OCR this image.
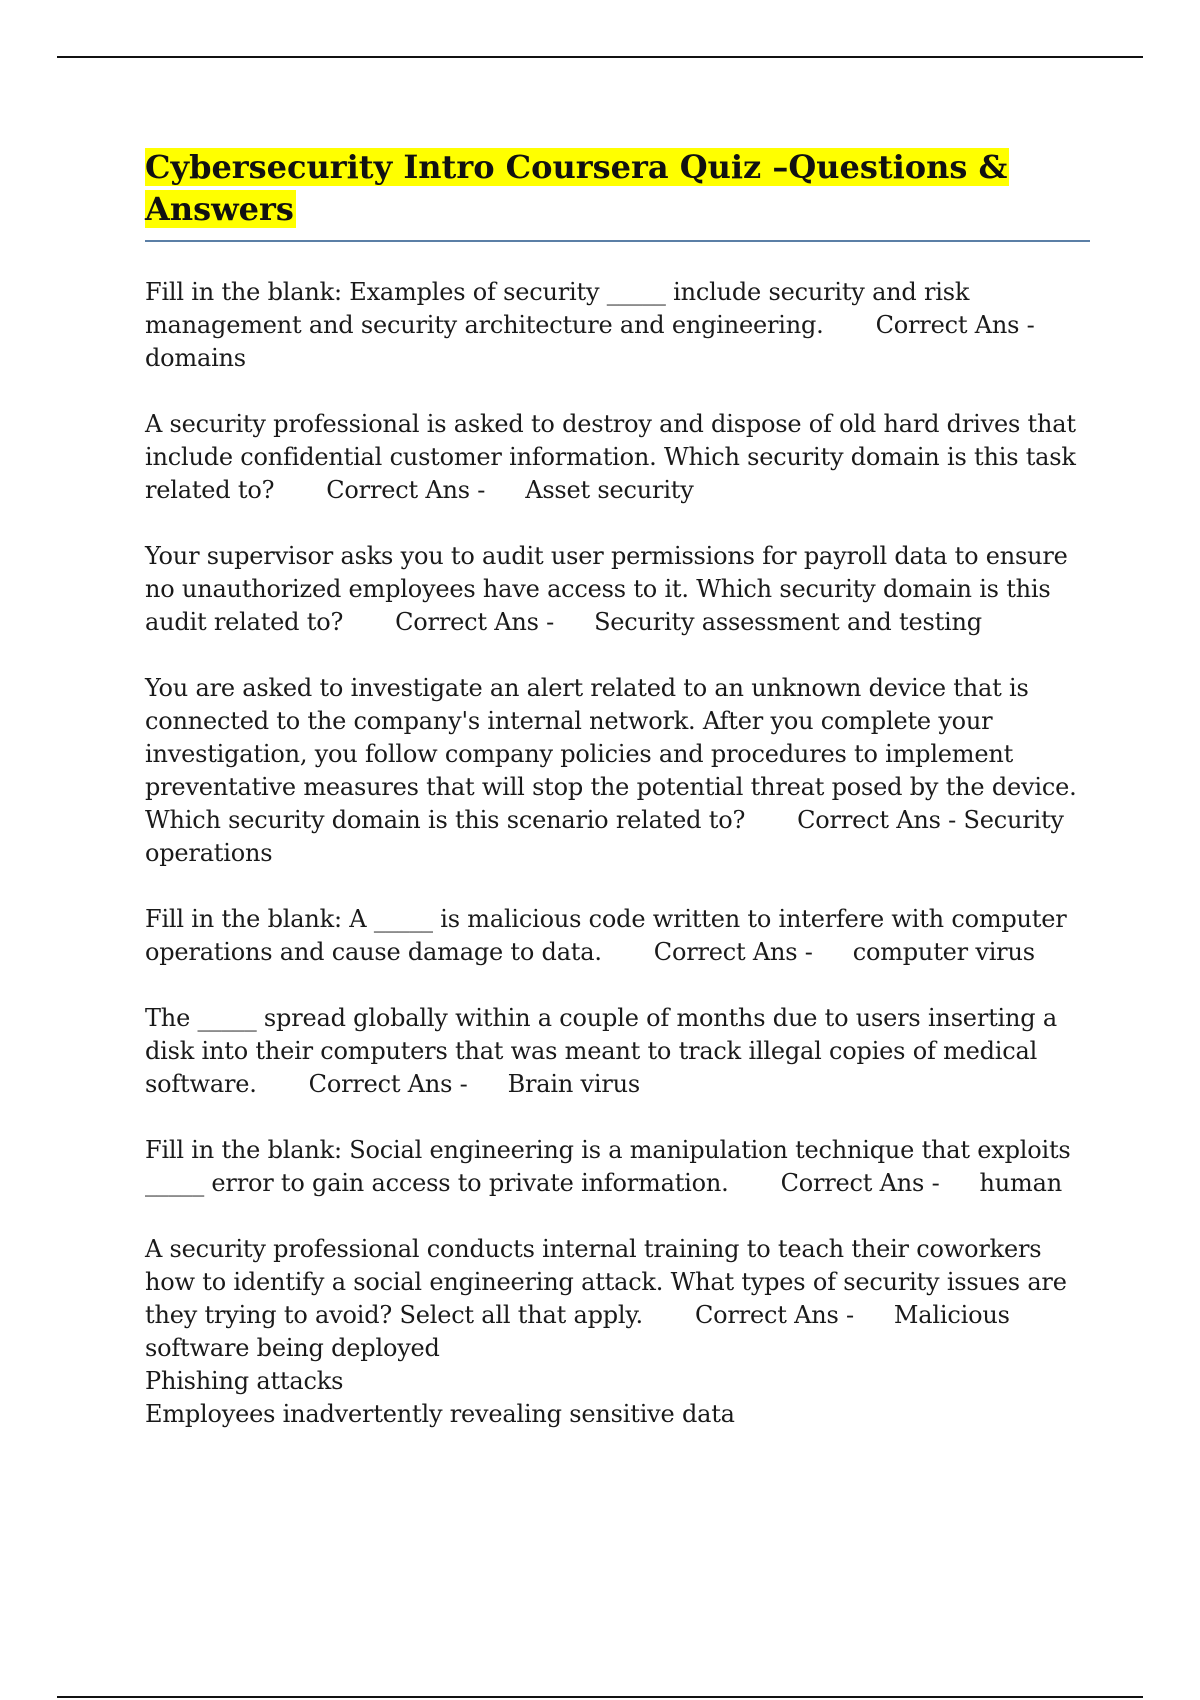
Cybersecurity Intro Coursera Quiz –Questions & Answers

Fill in the blank: Examples of security _____ include security and risk management and security architecture and engineering. Correct Ans - domains

A security professional is asked to destroy and dispose of old hard drives that include confidential customer information. Which security domain is this task related to? Correct Ans - Asset security

Your supervisor asks you to audit user permissions for payroll data to ensure no unauthorized employees have access to it. Which security domain is this audit related to? Correct Ans - Security assessment and testing

You are asked to investigate an alert related to an unknown device that is connected to the company's internal network. After you complete your investigation, you follow company policies and procedures to implement preventative measures that will stop the potential threat posed by the device. Which security domain is this scenario related to? Correct Ans - Security operations

Fill in the blank: A _____ is malicious code written to interfere with computer operations and cause damage to data. Correct Ans - computer virus

The _____ spread globally within a couple of months due to users inserting a disk into their computers that was meant to track illegal copies of medical software. Correct Ans - Brain virus

Fill in the blank: Social engineering is a manipulation technique that exploits _____ error to gain access to private information. Correct Ans - human

A security professional conducts internal training to teach their coworkers how to identify a social engineering attack. What types of security issues are they trying to avoid? Select all that apply. Correct Ans - Malicious software being deployed
Phishing attacks
Employees inadvertently revealing sensitive data
